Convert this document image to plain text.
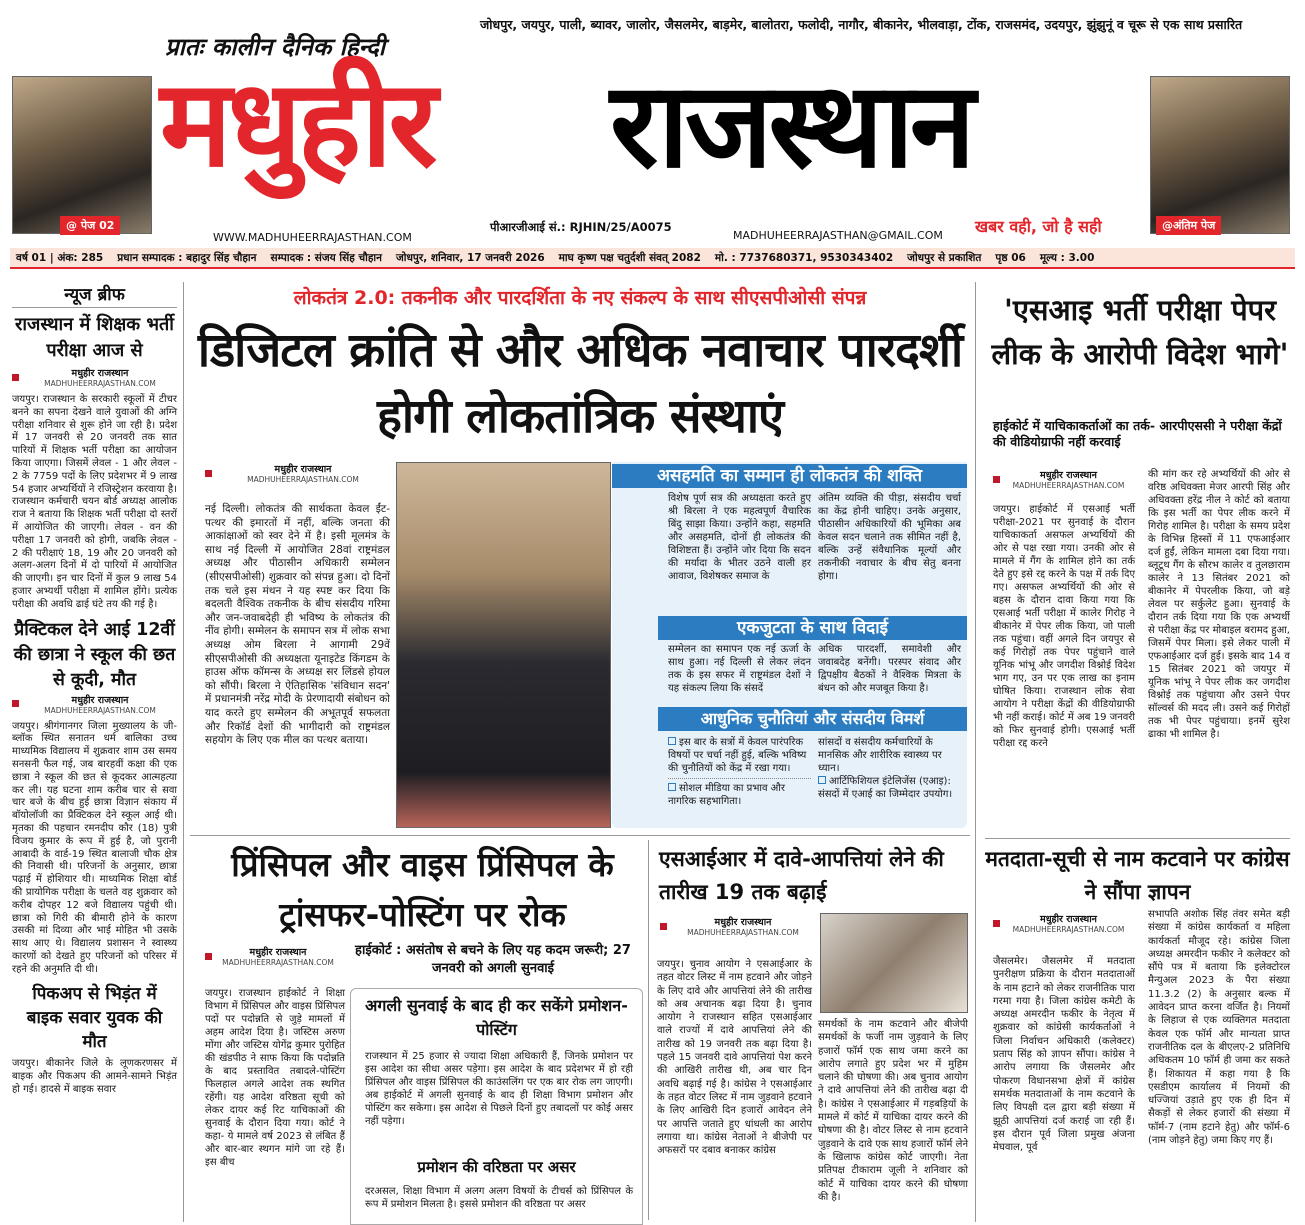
जोधपुर, जयपुर, पाली, ब्यावर, जालोर, जैसलमेर, बाड़मेर, बालोतरा, फलोदी, नागौर, बीकानेर, भीलवाड़ा, टोंक, राजसमंद, उदयपुर, झुंझुनूं व चूरू से एक साथ प्रसारित
प्रातः कालीन दैनिक हिन्दी
मधुहीर राजस्थान
@ पेज 02	@अंतिम पेज
पीआरजीआई सं.: RJHIN/25/A0075
WWW.MADHUHEERRAJASTHAN.COM	MADHUHEERRAJASTHAN@GMAIL.COM खबर वही, जो है सही
वर्ष 01 | अंक: 285 प्रधान सम्पादक : बहादुर सिंह चौहान सम्पादक : संजय सिंह चौहान जोधपुर, शनिवार, 17 जनवरी 2026 माघ कृष्ण पक्ष चतुर्दशी संवत् 2082 मो. : 7737680371, 9530343402 जोधपुर से प्रकाशित पृष्ठ 06 मूल्य : 3.00
न्यूज ब्रीफ
राजस्थान में शिक्षक भर्ती परीक्षा आज से
मधुहीर राजस्थान
MADHUHEERRAJASTHAN.COM

जयपुर। राजस्थान के सरकारी स्कूलों में टीचर बनने का सपना देखने वाले युवाओं की अग्नि परीक्षा शनिवार से शुरू होने जा रही है। प्रदेश में 17 जनवरी से 20 जनवरी तक सात पारियों में शिक्षक भर्ती परीक्षा का आयोजन किया जाएगा। जिसमें लेवल - 1 और लेवल - 2 के 7759 पदों के लिए प्रदेशभर में 9 लाख 54 हजार अभ्यर्थियों ने रजिस्ट्रेशन करवाया है। राजस्थान कर्मचारी चयन बोर्ड अध्यक्ष आलोक राज ने बताया कि शिक्षक भर्ती परीक्षा दो स्तरों में आयोजित की जाएगी। लेवल - वन की परीक्षा 17 जनवरी को होगी, जबकि लेवल - 2 की परीक्षाएं 18, 19 और 20 जनवरी को अलग-अलग दिनों में दो पारियों में आयोजित की जाएगी। इन चार दिनों में कुल 9 लाख 54 हजार अभ्यर्थी परीक्षा में शामिल होंगे। प्रत्येक परीक्षा की अवधि ढाई घंटे तय की गई है।

प्रैक्टिकल देने आई 12वीं की छात्रा ने स्कूल की छत से कूदी, मौत
मधुहीर राजस्थान
MADHUHEERRAJASTHAN.COM

जयपुर। श्रीगंगानगर जिला मुख्यालय के जी-ब्लॉक स्थित सनातन धर्म बालिका उच्च माध्यमिक विद्यालय में शुक्रवार शाम उस समय सनसनी फैल गई, जब बारहवीं कक्षा की एक छात्रा ने स्कूल की छत से कूदकर आत्महत्या कर ली। यह घटना शाम करीब चार से सवा चार बजे के बीच हुई छात्रा विज्ञान संकाय में बॉयोलॉजी का प्रैक्टिकल देने स्कूल आई थी। मृतका की पहचान रमनदीप कौर (18) पुत्री विजय कुमार के रूप में हुई है, जो पुरानी आबादी के वार्ड-19 स्थित बालाजी चौक क्षेत्र की निवासी थी। परिजनों के अनुसार, छात्रा पढ़ाई में होशियार थी। माध्यमिक शिक्षा बोर्ड की प्रायोगिक परीक्षा के चलते वह शुक्रवार को करीब दोपहर 12 बजे विद्यालय पहुंची थी। छात्रा को गिरी की बीमारी होने के कारण उसकी मां दिव्या और भाई मोहित भी उसके साथ आए थे। विद्यालय प्रशासन ने स्वास्थ्य कारणों को देखते हुए परिजनों को परिसर में रहने की अनुमति दी थी।

पिकअप से भिड़ंत में बाइक सवार युवक की मौत

जयपुर। बीकानेर जिले के लूणकरणसर में बाइक और पिकअप की आमने-सामने भिड़ंत हो गई। हादसे में बाइक सवार

लोकतंत्र 2.0: तकनीक और पारदर्शिता के नए संकल्प के साथ सीएसपीओसी संपन्न
डिजिटल क्रांति से और अधिक नवाचार पारदर्शी होगी लोकतांत्रिक संस्थाएं
मधुहीर राजस्थान
MADHUHEERRAJASTHAN.COM

नई दिल्ली। लोकतंत्र की सार्थकता केवल ईंट-पत्थर की इमारतों में नहीं, बल्कि जनता की आकांक्षाओं को स्वर देने में है। इसी मूलमंत्र के साथ नई दिल्ली में आयोजित 28वां राष्ट्रमंडल अध्यक्ष और पीठासीन अधिकारी सम्मेलन (सीएसपीओसी) शुक्रवार को संपन्न हुआ। दो दिनों तक चले इस मंथन ने यह स्पष्ट कर दिया कि बदलती वैश्विक तकनीक के बीच संसदीय गरिमा और जन-जवाबदेही ही भविष्य के लोकतंत्र की नींव होगी। सम्मेलन के समापन सत्र में लोक सभा अध्यक्ष ओम बिरला ने आगामी 29वें सीएसपीओसी की अध्यक्षता यूनाइटेड किंगडम के हाउस ऑफ कॉमन्स के अध्यक्ष सर लिंडसे होयल को सौंपी। बिरला ने ऐतिहासिक 'संविधान सदन' में प्रधानमंत्री नरेंद्र मोदी के प्रेरणादायी संबोधन को याद करते हुए सम्मेलन की अभूतपूर्व सफलता और रिकॉर्ड देशों की भागीदारी को राष्ट्रमंडल सहयोग के लिए एक मील का पत्थर बताया।

असहमति का सम्मान ही लोकतंत्र की शक्ति

विशेष पूर्ण सत्र की अध्यक्षता करते हुए श्री बिरला ने एक महत्वपूर्ण वैचारिक बिंदु साझा किया। उन्होंने कहा, सहमति और असहमति, दोनों ही लोकतंत्र की विशिष्टता हैं। उन्होंने जोर दिया कि सदन की मर्यादा के भीतर उठने वाली हर आवाज, विशेषकर समाज के

अंतिम व्यक्ति की पीड़ा, संसदीय चर्चा का केंद्र होनी चाहिए। उनके अनुसार, पीठासीन अधिकारियों की भूमिका अब केवल सदन चलाने तक सीमित नहीं है, बल्कि उन्हें संवैधानिक मूल्यों और तकनीकी नवाचार के बीच सेतु बनना होगा।

एकजुटता के साथ विदाई

सम्मेलन का समापन एक नई ऊर्जा के साथ हुआ। नई दिल्ली से लेकर लंदन तक के इस सफर में राष्ट्रमंडल देशों ने यह संकल्प लिया कि संसदें

अधिक पारदर्शी, समावेशी और जवाबदेह बनेंगी। परस्पर संवाद और द्विपक्षीय बैठकों ने वैश्विक मित्रता के बंधन को और मजबूत किया है।

आधुनिक चुनौतियां और संसदीय विमर्श
इस बार के सत्रों में केवल पारंपरिक विषयों पर चर्चा नहीं हुई, बल्कि भविष्य की चुनौतियों को केंद्र में रखा गया।
सोशल मीडिया का प्रभाव और नागरिक सहभागिता।
सांसदों व संसदीय कर्मचारियों के मानसिक और शारीरिक स्वास्थ्य पर ध्यान।
आर्टिफिशियल इंटेलिजेंस (एआइ): संसदों में एआई का जिम्मेदार उपयोग।
प्रिंसिपल और वाइस प्रिंसिपल के ट्रांसफर-पोस्टिंग पर रोक
मधुहीर राजस्थान
MADHUHEERRAJASTHAN.COM
हाईकोर्ट : असंतोष से बचने के लिए यह कदम जरूरी; 27 जनवरी को अगली सुनवाई

जयपुर। राजस्थान हाईकोर्ट ने शिक्षा विभाग में प्रिंसिपल और वाइस प्रिंसिपल पदों पर पदोन्नति से जुड़े मामलों में अहम आदेश दिया है। जस्टिस अरुण मोंगा और जस्टिस योगेंद्र कुमार पुरोहित की खंडपीठ ने साफ किया कि पदोन्नति के बाद प्रस्तावित तबादले-पोस्टिंग फिलहाल अगले आदेश तक स्थगित रहेंगी। यह आदेश वरिष्ठता सूची को लेकर दायर कई रिट याचिकाओं की सुनवाई के दौरान दिया गया। कोर्ट ने कहा- ये मामले वर्ष 2023 से लंबित हैं और बार-बार स्थगन मांगे जा रहे हैं। इस बीच

अगली सुनवाई के बाद ही कर सकेंगे प्रमोशन-पोस्टिंग

राजस्थान में 25 हजार से ज्यादा शिक्षा अधिकारी हैं, जिनके प्रमोशन पर इस आदेश का सीधा असर पड़ेगा। इस आदेश के बाद प्रदेशभर में हो रही प्रिंसिपल और वाइस प्रिंसिपल की काउंसलिंग पर एक बार रोक लग जाएगी। अब हाईकोर्ट में अगली सुनवाई के बाद ही शिक्षा विभाग प्रमोशन और पोस्टिंग कर सकेगा। इस आदेश से पिछले दिनों हुए तबादलों पर कोई असर नहीं पड़ेगा।

प्रमोशन की वरिष्ठता पर असर

दरअसल, शिक्षा विभाग में अलग अलग विषयों के टीचर्स को प्रिंसिपल के रूप में प्रमोशन मिलता है। इससे प्रमोशन की वरिष्ठता पर असर

एसआईआर में दावे-आपत्तियां लेने की तारीख 19 तक बढ़ाई
मधुहीर राजस्थान
MADHUHEERRAJASTHAN.COM

जयपुर। चुनाव आयोग ने एसआईआर के तहत वोटर लिस्ट में नाम हटवाने और जोड़ने के लिए दावे और आपत्तियां लेने की तारीख को अब अचानक बढ़ा दिया है। चुनाव आयोग ने राजस्थान सहित एसआईआर वाले राज्यों में दावे आपत्तियां लेने की तारीख को 19 जनवरी तक बढ़ा दिया है। पहले 15 जनवरी दावे आपत्तियां पेश करने की आखिरी तारीख थी, अब चार दिन अवधि बढ़ाई गई है। कांग्रेस ने एसआईआर के तहत वोटर लिस्ट में नाम जुड़वाने हटवाने के लिए आखिरी दिन हजारों आवेदन लेने पर आपत्ति जताते हुए धांधली का आरोप लगाया था। कांग्रेस नेताओं ने बीजेपी पर अफसरों पर दबाव बनाकर कांग्रेस

समर्थकों के नाम कटवाने और बीजेपी समर्थकों के फर्जी नाम जुड़वाने के लिए हजारों फॉर्म एक साथ जमा करने का आरोप लगाते हुए प्रदेश भर में मुहिम चलाने की घोषणा की। अब चुनाव आयोग ने दावे आपत्तियां लेने की तारीख बढ़ा दी है। कांग्रेस ने एसआईआर में गड़बड़ियों के मामले में कोर्ट में याचिका दायर करने की घोषणा की है। वोटर लिस्ट से नाम हटवाने जुड़वाने के दावे एक साथ हजारों फॉर्म लेने के खिलाफ कांग्रेस कोर्ट जाएगी। नेता प्रतिपक्ष टीकाराम जूली ने शनिवार को कोर्ट में याचिका दायर करने की घोषणा की है।

'एसआइ भर्ती परीक्षा पेपर लीक के आरोपी विदेश भागे'
हाईकोर्ट में याचिकाकर्ताओं का तर्क- आरपीएससी ने परीक्षा केंद्रों की वीडियोग्राफी नहीं करवाई
मधुहीर राजस्थान
MADHUHEERRAJASTHAN.COM

जयपुर। हाईकोर्ट में एसआई भर्ती परीक्षा-2021 पर सुनवाई के दौरान याचिकाकर्ता असफल अभ्यर्थियों की ओर से पक्ष रखा गया। उनकी ओर से मामले में गैंग के शामिल होने का तर्क देते हुए इसे रद्द करने के पक्ष में तर्क दिए गए। असफल अभ्यर्थियों की ओर से बहस के दौरान दावा किया गया कि एसआई भर्ती परीक्षा में कालेर गिरोह ने बीकानेर में पेपर लीक किया, जो पाली तक पहुंचा। वहीं अगले दिन जयपुर से कई गिरोहों तक पेपर पहुंचाने वाले यूनिक भांभू और जगदीश विश्नोई विदेश भाग गए, उन पर एक लाख का इनाम घोषित किया। राजस्थान लोक सेवा आयोग ने परीक्षा केंद्रों की वीडियोग्राफी भी नहीं कराई। कोर्ट में अब 19 जनवरी को फिर सुनवाई होगी। एसआई भर्ती परीक्षा रद्द करने

की मांग कर रहे अभ्यर्थियों की ओर से वरिष्ठ अधिवक्ता मेजर आरपी सिंह और अधिवक्ता हरेंद्र नील ने कोर्ट को बताया कि इस भर्ती का पेपर लीक करने में गिरोह शामिल है। परीक्षा के समय प्रदेश के विभिन्न हिस्सों में 11 एफआईआर दर्ज हुईं, लेकिन मामला दबा दिया गया। ब्लूटूथ गैंग के सौरभ कालेर व तुलछाराम कालेर ने 13 सितंबर 2021 को बीकानेर में पेपरलीक किया, जो बड़े लेवल पर सर्कुलेट हुआ। सुनवाई के दौरान तर्क दिया गया कि एक अभ्यर्थी से परीक्षा केंद्र पर मोबाइल बरामद हुआ, जिसमें पेपर मिला। इसे लेकर पाली में एफआईआर दर्ज हुई। इसके बाद 14 व 15 सितंबर 2021 को जयपुर में यूनिक भांभू ने पेपर लीक कर जगदीश विश्नोई तक पहुंचाया और उसने पेपर सॉल्वर्स की मदद ली। उसने कई गिरोहों तक भी पेपर पहुंचाया। इनमें सुरेश ढाका भी शामिल है।

मतदाता-सूची से नाम कटवाने पर कांग्रेस ने सौंपा ज्ञापन
मधुहीर राजस्थान
MADHUHEERRAJASTHAN.COM

जैसलमेर। जैसलमेर में मतदाता पुनरीक्षण प्रक्रिया के दौरान मतदाताओं के नाम हटाने को लेकर राजनीतिक पारा गरमा गया है। जिला कांग्रेस कमेटी के अध्यक्ष अमरदीन फकीर के नेतृत्व में शुक्रवार को कांग्रेसी कार्यकर्ताओं ने जिला निर्वाचन अधिकारी (कलेक्टर) प्रताप सिंह को ज्ञापन सौंपा। कांग्रेस ने आरोप लगाया कि जैसलमेर और पोकरण विधानसभा क्षेत्रों में कांग्रेस समर्थक मतदाताओं के नाम कटवाने के लिए विपक्षी दल द्वारा बड़ी संख्या में झूठी आपत्तियां दर्ज कराई जा रही हैं। इस दौरान पूर्व जिला प्रमुख अंजना मेघवाल, पूर्व

सभापति अशोक सिंह तंवर समेत बड़ी संख्या में कांग्रेस कार्यकर्ता व महिला कार्यकर्ता मौजूद रहे। कांग्रेस जिला अध्यक्ष अमरदीन फकीर ने कलेक्टर को सौंपे पत्र में बताया कि इलेक्टोरल मैन्युअल 2023 के पैरा संख्या 11.3.2 (2) के अनुसार बल्क में आवेदन प्राप्त करना वर्जित है। नियमों के लिहाज से एक व्यक्तिगत मतदाता केवल एक फॉर्म और मान्यता प्राप्त राजनीतिक दल के बीएलए-2 प्रतिनिधि अधिकतम 10 फॉर्म ही जमा कर सकते हैं। शिकायत में कहा गया है कि एसडीएम कार्यालय में नियमों की धज्जियां उड़ाते हुए एक ही दिन में सैकड़ों से लेकर हजारों की संख्या में फॉर्म-7 (नाम हटाने हेतु) और फॉर्म-6 (नाम जोड़ने हेतु) जमा किए गए हैं।
